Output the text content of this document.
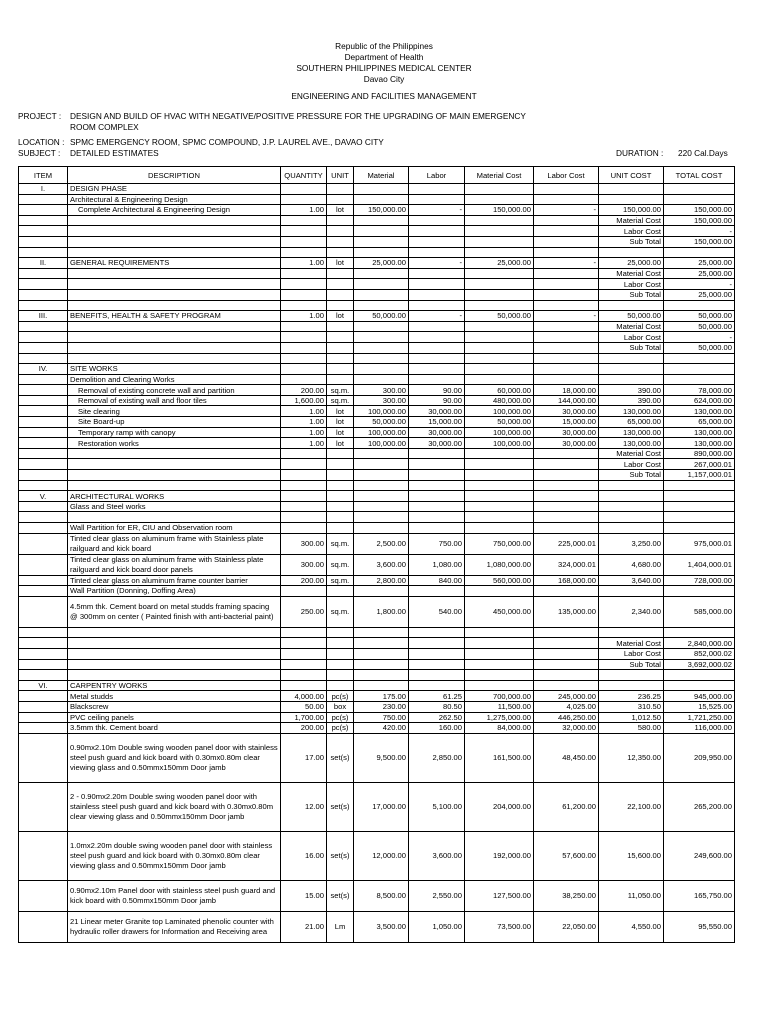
Republic of the Philippines
Department of Health
SOUTHERN PHILIPPINES MEDICAL CENTER
Davao City
ENGINEERING AND FACILITIES MANAGEMENT
PROJECT :	DESIGN AND BUILD OF HVAC WITH NEGATIVE/POSITIVE PRESSURE FOR THE UPGRADING OF MAIN EMERGENCY
ROOM COMPLEX
LOCATION : SPMC EMERGENCY ROOM, SPMC COMPOUND, J.P. LAUREL AVE., DAVAO CITY
SUBJECT :	DETAILED ESTIMATES	DURATION : 220 Cal.Days
ITEM	DESCRIPTION	QUANTITY	UNIT	Material	Labor	Material Cost	Labor Cost	UNIT COST	TOTAL COST
I.	DESIGN PHASE								
	Architectural & Engineering Design								
	Complete Architectural & Engineering Design	1.00	lot	150,000.00	-	150,000.00	-	150,000.00	150,000.00
								Material Cost	150,000.00
								Labor Cost	-
								Sub Total	150,000.00

II.	GENERAL REQUIREMENTS	1.00	lot	25,000.00	-	25,000.00	-	25,000.00	25,000.00
								Material Cost	25,000.00
								Labor Cost	-
								Sub Total	25,000.00

III.	BENEFITS, HEALTH & SAFETY PROGRAM	1.00	lot	50,000.00	-	50,000.00	-	50,000.00	50,000.00
								Material Cost	50,000.00
								Labor Cost	-
								Sub Total	50,000.00

IV.	SITE WORKS								
	Demolition and Clearing Works								
	Removal of existing concrete wall and partition	200.00	sq.m.	300.00	90.00	60,000.00	18,000.00	390.00	78,000.00
	Removal of existing wall and floor tiles	1,600.00	sq.m.	300.00	90.00	480,000.00	144,000.00	390.00	624,000.00
	Site clearing	1.00	lot	100,000.00	30,000.00	100,000.00	30,000.00	130,000.00	130,000.00
	Site Board-up	1.00	lot	50,000.00	15,000.00	50,000.00	15,000.00	65,000.00	65,000.00
	Temporary ramp with canopy	1.00	lot	100,000.00	30,000.00	100,000.00	30,000.00	130,000.00	130,000.00
	Restoration works	1.00	lot	100,000.00	30,000.00	100,000.00	30,000.00	130,000.00	130,000.00
								Material Cost	890,000.00
								Labor Cost	267,000.01
								Sub Total	1,157,000.01

V.	ARCHITECTURAL WORKS								
	Glass and Steel works								

	Wall Partition for ER, CIU and Observation room								
	Tinted clear glass on aluminum frame with Stainless plate railguard and kick board	300.00	sq.m.	2,500.00	750.00	750,000.00	225,000.01	3,250.00	975,000.01
	Tinted clear glass on aluminum frame with Stainless plate railguard and kick board door panels	300.00	sq.m.	3,600.00	1,080.00	1,080,000.00	324,000.01	4,680.00	1,404,000.01
	Tinted clear glass on aluminum frame counter barrier	200.00	sq.m.	2,800.00	840.00	560,000.00	168,000.00	3,640.00	728,000.00
	Wall Partition (Donning, Doffing Area)								
	4.5mm thk. Cement board on metal studds framing spacing @ 300mm on center ( Painted finish with anti-bacterial paint)	250.00	sq.m.	1,800.00	540.00	450,000.00	135,000.00	2,340.00	585,000.00

								Material Cost	2,840,000.00
								Labor Cost	852,000.02
								Sub Total	3,692,000.02

VI.	CARPENTRY WORKS								
	Metal studds	4,000.00	pc(s)	175.00	61.25	700,000.00	245,000.00	236.25	945,000.00
	Blackscrew	50.00	box	230.00	80.50	11,500.00	4,025.00	310.50	15,525.00
	PVC ceiling panels	1,700.00	pc(s)	750.00	262.50	1,275,000.00	446,250.00	1,012.50	1,721,250.00
	3.5mm thk. Cement board	200.00	pc(s)	420.00	160.00	84,000.00	32,000.00	580.00	116,000.00
	0.90mx2.10m Double swing wooden panel door with stainless steel push guard and kick board with 0.30mx0.80m clear viewing glass and 0.50mmx150mm Door jamb	17.00	set(s)	9,500.00	2,850.00	161,500.00	48,450.00	12,350.00	209,950.00
	2 - 0.90mx2.20m Double swing wooden panel door with stainless steel push guard and kick board with 0.30mx0.80m clear viewing glass and 0.50mmx150mm Door jamb	12.00	set(s)	17,000.00	5,100.00	204,000.00	61,200.00	22,100.00	265,200.00
	1.0mx2.20m double swing wooden panel door with stainless steel push guard and kick board with 0.30mx0.80m clear viewing glass and 0.50mmx150mm Door jamb	16.00	set(s)	12,000.00	3,600.00	192,000.00	57,600.00	15,600.00	249,600.00
	0.90mx2.10m Panel door with stainless steel push guard and kick board with 0.50mmx150mm Door jamb	15.00	set(s)	8,500.00	2,550.00	127,500.00	38,250.00	11,050.00	165,750.00
	21 Linear meter Granite top Laminated phenolic counter with hydraulic roller drawers for Information and Receiving area	21.00	Lm	3,500.00	1,050.00	73,500.00	22,050.00	4,550.00	95,550.00
